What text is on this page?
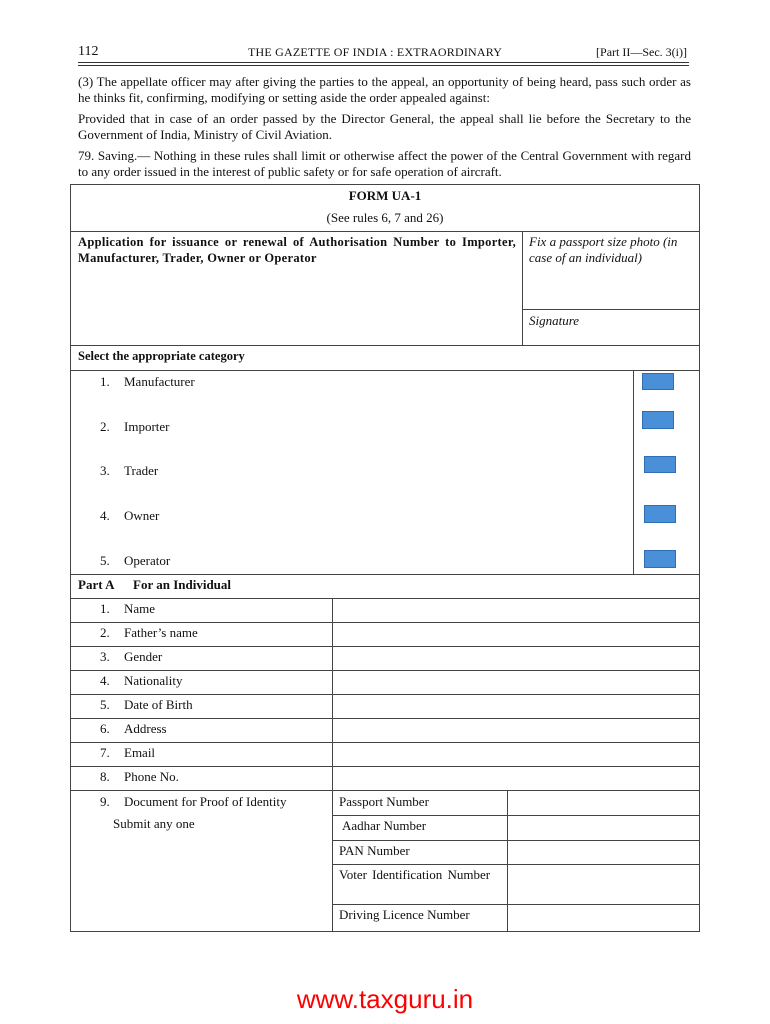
112	THE GAZETTE OF INDIA : EXTRAORDINARY	[Part II—Sec. 3(i)]
(3) The appellate officer may after giving the parties to the appeal, an opportunity of being heard, pass such order as he thinks fit, confirming, modifying or setting aside the order appealed against:
Provided that in case of an order passed by the Director General, the appeal shall lie before the Secretary to the Government of India, Ministry of Civil Aviation.
79. Saving.— Nothing in these rules shall limit or otherwise affect the power of the Central Government with regard to any order issued in the interest of public safety or for safe operation of aircraft.
FORM UA-1
(See rules 6, 7 and 26)
Application for issuance or renewal of Authorisation Number to Importer, Manufacturer, Trader, Owner or Operator
Fix a passport size photo (in case of an individual)
Signature
Select the appropriate category
1. Manufacturer
2. Importer
3. Trader
4. Owner
5. Operator
Part A For an Individual
1. Name
2. Father’s name
3. Gender
4. Nationality
5. Date of Birth
6. Address
7. Email
8. Phone No.
9. Document for Proof of Identity
Submit any one
Passport Number
Aadhar Number
PAN Number
Voter Identification Number
Driving Licence Number
www.taxguru.in
